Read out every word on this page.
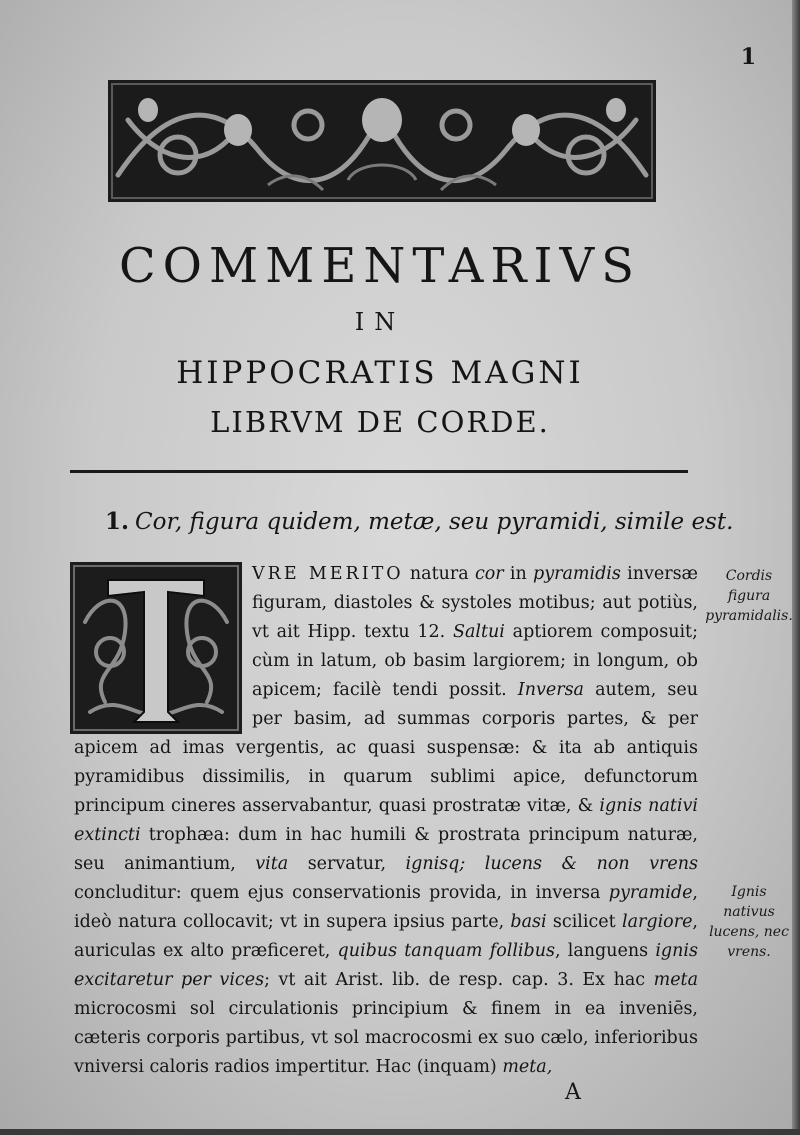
1
COMMENTARIVS
IN
HIPPOCRATIS MAGNI
LIBRVM DE CORDE.
1. Cor, figura quidem, metæ, seu pyramidi, simile est.
VRE MERITO natura cor in pyramidis inversæ figuram, diastoles & systoles motibus; aut potiùs, vt ait Hipp. textu 12. Saltui aptiorem composuit; cùm in latum, ob basim largiorem; in longum, ob apicem; facilè tendi possit. Inversa autem, seu per basim, ad summas corporis partes, & per apicem ad imas vergentis, ac quasi suspensæ: & ita ab antiquis pyramidibus dissimilis, in quarum sublimi apice, defunctorum principum cineres asservabantur, quasi prostratæ vitæ, & ignis nativi extincti trophæa: dum in hac humili & prostrata principum naturæ, seu animantium, vita servatur, ignisq; lucens & non vrens concluditur: quem ejus conservationis provida, in inversa pyramide, ideò natura collocavit; vt in supera ipsius parte, basi scilicet largiore, auriculas ex alto præficeret, quibus tanquam follibus, languens ignis excitaretur per vices; vt ait Arist. lib. de resp. cap. 3. Ex hac meta microcosmi sol circulationis principium & finem in ea inveniēs, cæteris corporis partibus, vt sol macrocosmi ex suo cælo, inferioribus vniversi caloris radios impertitur. Hac (inquam) meta,
Cordis figura pyramidalis.
Ignis nativus lucens, nec vrens.
A
